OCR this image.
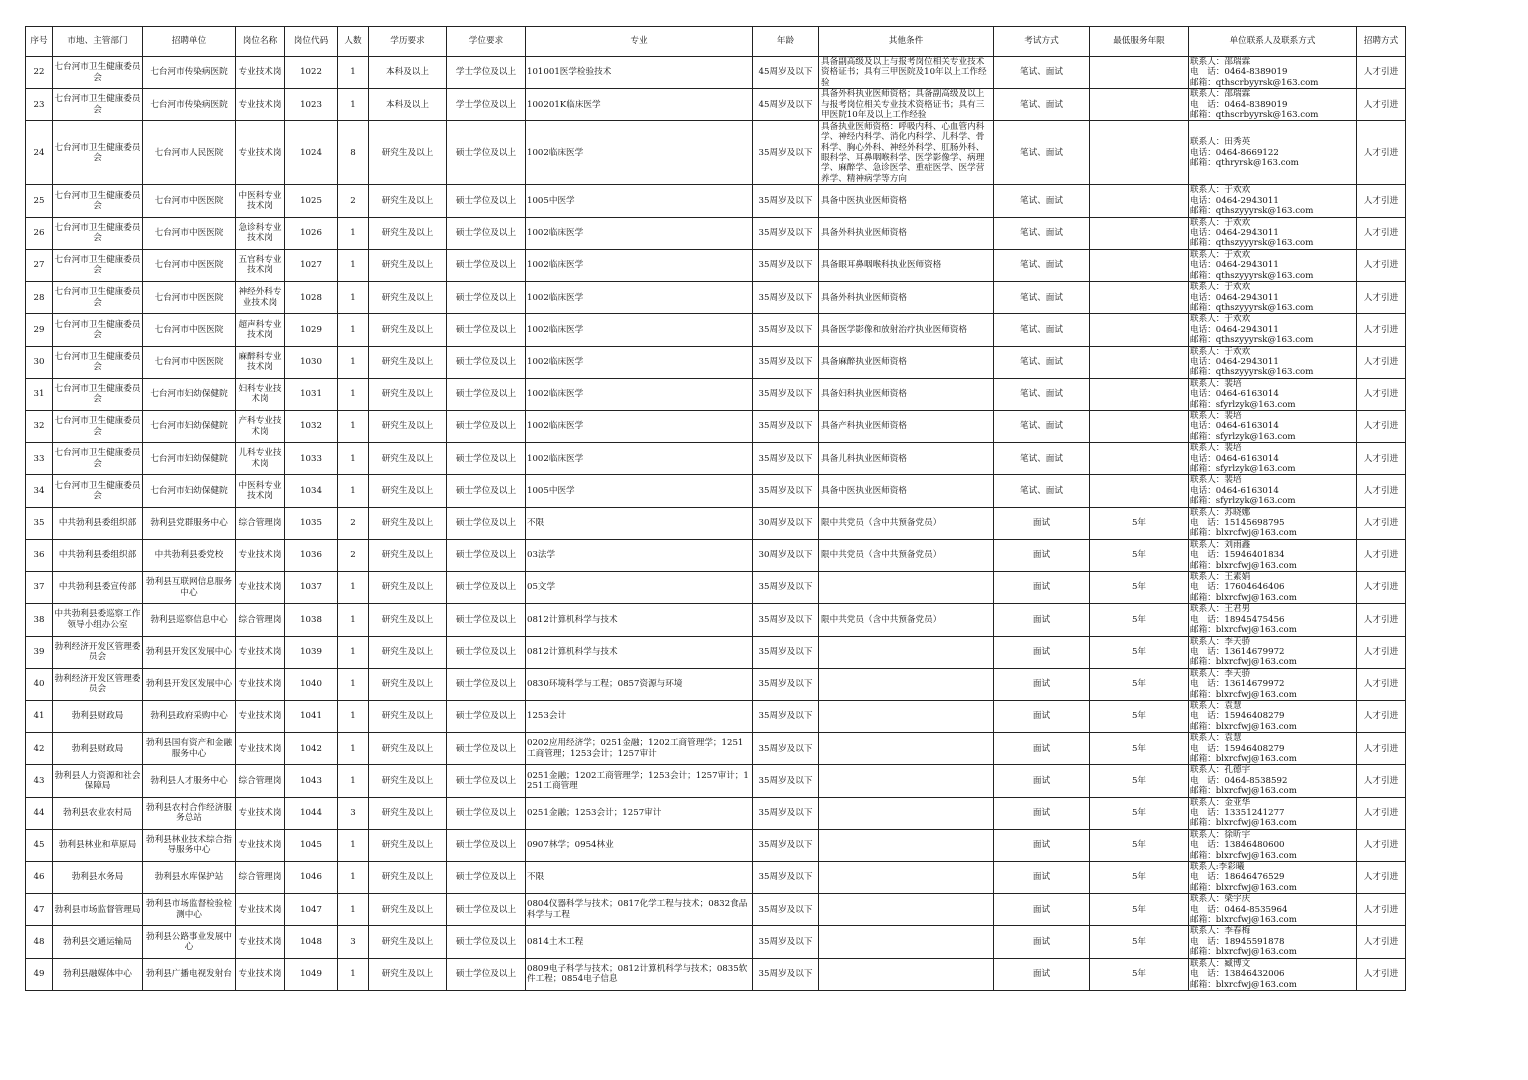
序号	市地、主管部门	招聘单位	岗位名称	岗位代码	人数	学历要求	学位要求	专业	年龄	其他条件	考试方式	最低服务年限	单位联系人及联系方式	招聘方式
22	七台河市卫生健康委员会	七台河市传染病医院	专业技术岗	1022	1	本科及以上	学士学位及以上	101001医学检验技术	45周岁及以下	具备副高级及以上与报考岗位相关专业技术资格证书；具有三甲医院及10年以上工作经验	笔试、面试		联系人：邵瑞霖
电　话：0464-8389019
邮箱：qthscrbyyrsk@163.com	人才引进
23	七台河市卫生健康委员会	七台河市传染病医院	专业技术岗	1023	1	本科及以上	学士学位及以上	100201K临床医学	45周岁及以下	具备外科执业医师资格；具备副高级及以上与报考岗位相关专业技术资格证书；具有三甲医院10年及以上工作经验	笔试、面试		联系人：邵瑞霖
电　话：0464-8389019
邮箱：qthscrbyyrsk@163.com	人才引进
24	七台河市卫生健康委员会	七台河市人民医院	专业技术岗	1024	8	研究生及以上	硕士学位及以上	1002临床医学	35周岁及以下	具备执业医师资格：呼吸内科、心血管内科学、神经内科学、消化内科学、儿科学、骨科学、胸心外科、神经外科学、肛肠外科、眼科学、耳鼻咽喉科学、医学影像学、病理学、麻醉学、急诊医学、重症医学、医学营养学、精神病学等方向	笔试、面试		联系人：田秀英
电话：0464-8669122
邮箱：qthryrsk@163.com	人才引进
25	七台河市卫生健康委员会	七台河市中医医院	中医科专业技术岗	1025	2	研究生及以上	硕士学位及以上	1005中医学	35周岁及以下	具备中医执业医师资格	笔试、面试		联系人：于欢欢
电话：0464-2943011
邮箱：qthszyyyrsk@163.com	人才引进
26	七台河市卫生健康委员会	七台河市中医医院	急诊科专业技术岗	1026	1	研究生及以上	硕士学位及以上	1002临床医学	35周岁及以下	具备外科执业医师资格	笔试、面试		联系人：于欢欢
电话：0464-2943011
邮箱：qthszyyyrsk@163.com	人才引进
27	七台河市卫生健康委员会	七台河市中医医院	五官科专业技术岗	1027	1	研究生及以上	硕士学位及以上	1002临床医学	35周岁及以下	具备眼耳鼻咽喉科执业医师资格	笔试、面试		联系人：于欢欢
电话：0464-2943011
邮箱：qthszyyyrsk@163.com	人才引进
28	七台河市卫生健康委员会	七台河市中医医院	神经外科专业技术岗	1028	1	研究生及以上	硕士学位及以上	1002临床医学	35周岁及以下	具备外科执业医师资格	笔试、面试		联系人：于欢欢
电话：0464-2943011
邮箱：qthszyyyrsk@163.com	人才引进
29	七台河市卫生健康委员会	七台河市中医医院	超声科专业技术岗	1029	1	研究生及以上	硕士学位及以上	1002临床医学	35周岁及以下	具备医学影像和放射治疗执业医师资格	笔试、面试		联系人：于欢欢
电话：0464-2943011
邮箱：qthszyyyrsk@163.com	人才引进
30	七台河市卫生健康委员会	七台河市中医医院	麻醉科专业技术岗	1030	1	研究生及以上	硕士学位及以上	1002临床医学	35周岁及以下	具备麻醉执业医师资格	笔试、面试		联系人：于欢欢
电话：0464-2943011
邮箱：qthszyyyrsk@163.com	人才引进
31	七台河市卫生健康委员会	七台河市妇幼保健院	妇科专业技术岗	1031	1	研究生及以上	硕士学位及以上	1002临床医学	35周岁及以下	具备妇科执业医师资格	笔试、面试		联系人：裴培
电话：0464-6163014
邮箱：sfyrlzyk@163.com	人才引进
32	七台河市卫生健康委员会	七台河市妇幼保健院	产科专业技术岗	1032	1	研究生及以上	硕士学位及以上	1002临床医学	35周岁及以下	具备产科执业医师资格	笔试、面试		联系人：裴培
电话：0464-6163014
邮箱：sfyrlzyk@163.com	人才引进
33	七台河市卫生健康委员会	七台河市妇幼保健院	儿科专业技术岗	1033	1	研究生及以上	硕士学位及以上	1002临床医学	35周岁及以下	具备儿科执业医师资格	笔试、面试		联系人：裴培
电话：0464-6163014
邮箱：sfyrlzyk@163.com	人才引进
34	七台河市卫生健康委员会	七台河市妇幼保健院	中医科专业技术岗	1034	1	研究生及以上	硕士学位及以上	1005中医学	35周岁及以下	具备中医执业医师资格	笔试、面试		联系人：裴培
电话：0464-6163014
邮箱：sfyrlzyk@163.com	人才引进
35	中共勃利县委组织部	勃利县党群服务中心	综合管理岗	1035	2	研究生及以上	硕士学位及以上	不限	30周岁及以下	限中共党员（含中共预备党员）	面试	5年	联系人：苏晓娜
电　话：15145698795
邮箱：blxrcfwj@163.com	人才引进
36	中共勃利县委组织部	中共勃利县委党校	专业技术岗	1036	2	研究生及以上	硕士学位及以上	03法学	30周岁及以下	限中共党员（含中共预备党员）	面试	5年	联系人：刘雨鑫
电　话：15946401834
邮箱：blxrcfwj@163.com	人才引进
37	中共勃利县委宣传部	勃利县互联网信息服务中心	专业技术岗	1037	1	研究生及以上	硕士学位及以上	05文学	35周岁及以下		面试	5年	联系人：王素娟
电　话：17604646406
邮箱：blxrcfwj@163.com	人才引进
38	中共勃利县委巡察工作领导小组办公室	勃利县巡察信息中心	综合管理岗	1038	1	研究生及以上	硕士学位及以上	0812计算机科学与技术	35周岁及以下	限中共党员（含中共预备党员）	面试	5年	联系人：王君男
电　话：18945475456
邮箱：blxrcfwj@163.com	人才引进
39	勃利经济开发区管理委员会	勃利县开发区发展中心	专业技术岗	1039	1	研究生及以上	硕士学位及以上	0812计算机科学与技术	35周岁及以下		面试	5年	联系人：李天骄
电　话：13614679972
邮箱：blxrcfwj@163.com	人才引进
40	勃利经济开发区管理委员会	勃利县开发区发展中心	专业技术岗	1040	1	研究生及以上	硕士学位及以上	0830环境科学与工程；0857资源与环境	35周岁及以下		面试	5年	联系人：李天骄
电　话：13614679972
邮箱：blxrcfwj@163.com	人才引进
41	勃利县财政局	勃利县政府采购中心	专业技术岗	1041	1	研究生及以上	硕士学位及以上	1253会计	35周岁及以下		面试	5年	联系人：袁慧
电　话：15946408279
邮箱：blxrcfwj@163.com	人才引进
42	勃利县财政局	勃利县国有资产和金融服务中心	专业技术岗	1042	1	研究生及以上	硕士学位及以上	0202应用经济学；0251金融；1202工商管理学；1251工商管理；1253会计；1257审计	35周岁及以下		面试	5年	联系人：袁慧
电　话：15946408279
邮箱：blxrcfwj@163.com	人才引进
43	勃利县人力资源和社会保障局	勃利县人才服务中心	综合管理岗	1043	1	研究生及以上	硕士学位及以上	0251金融；1202工商管理学；1253会计；1257审计；1251工商管理	35周岁及以下		面试	5年	联系人：孔德宇
电　话：0464-8538592
邮箱：blxrcfwj@163.com	人才引进
44	勃利县农业农村局	勃利县农村合作经济服务总站	专业技术岗	1044	3	研究生及以上	硕士学位及以上	0251金融；1253会计；1257审计	35周岁及以下		面试	5年	联系人：金亚华
电　话：13351241277
邮箱：blxrcfwj@163.com	人才引进
45	勃利县林业和草原局	勃利县林业技术综合指导服务中心	专业技术岗	1045	1	研究生及以上	硕士学位及以上	0907林学；0954林业	35周岁及以下		面试	5年	联系人：徐昕宇
电　话：13846480600
邮箱：blxrcfwj@163.com	人才引进
46	勃利县水务局	勃利县水库保护站	综合管理岗	1046	1	研究生及以上	硕士学位及以上	不限	35周岁及以下		面试	5年	联系人:李彩曦
电　话：18646476529
邮箱：blxrcfwj@163.com	人才引进
47	勃利县市场监督管理局	勃利县市场监督检验检测中心	专业技术岗	1047	1	研究生及以上	硕士学位及以上	0804仪器科学与技术；0817化学工程与技术；0832食品科学与工程	35周岁及以下		面试	5年	联系人：梁宇庆
电　话：0464-8535964
邮箱：blxrcfwj@163.com	人才引进
48	勃利县交通运输局	勃利县公路事业发展中心	专业技术岗	1048	3	研究生及以上	硕士学位及以上	0814土木工程	35周岁及以下		面试	5年	联系人：李春梅
电　话：18945591878
邮箱：blxrcfwj@163.com	人才引进
49	勃利县融媒体中心	勃利县广播电视发射台	专业技术岗	1049	1	研究生及以上	硕士学位及以上	0809电子科学与技术；0812计算机科学与技术；0835软件工程；0854电子信息	35周岁及以下		面试	5年	联系人：臧博文
电　话：13846432006
邮箱：blxrcfwj@163.com	人才引进
